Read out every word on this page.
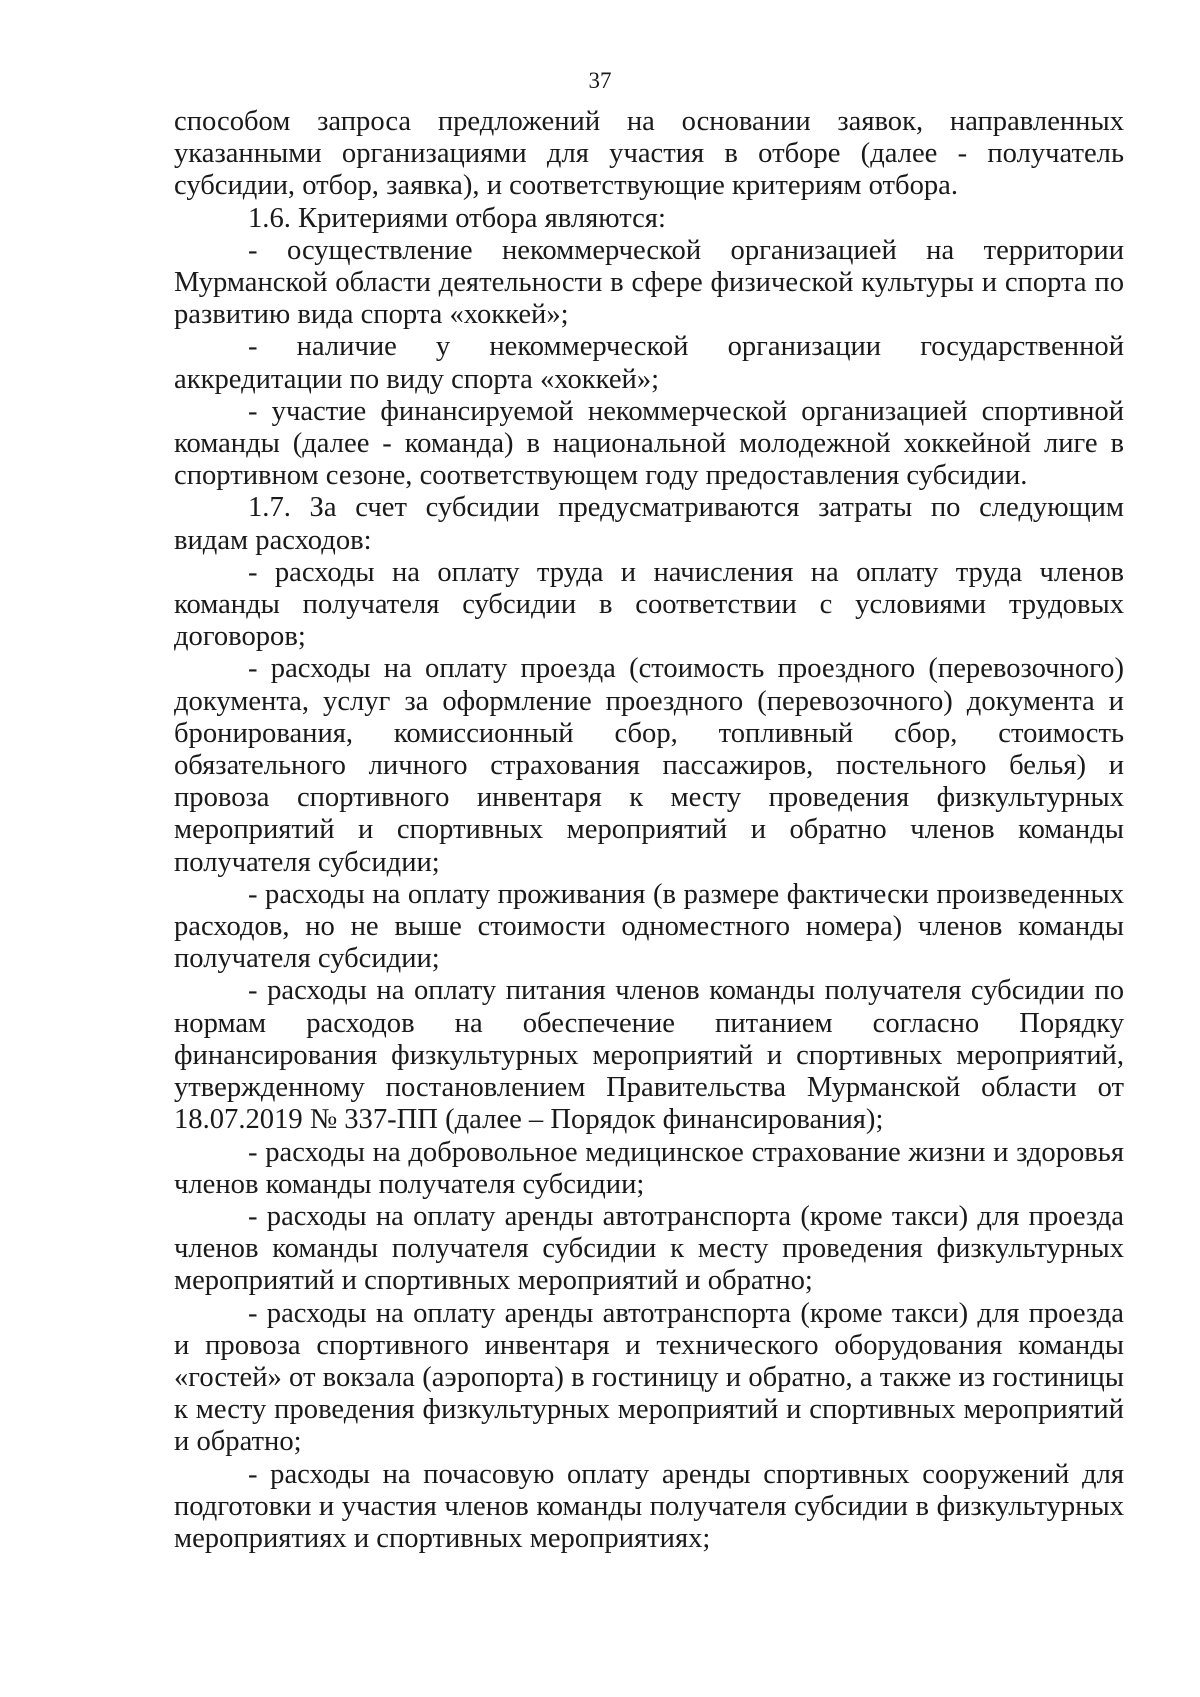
37

способом запроса предложений на основании заявок, направленных указанными организациями для участия в отборе (далее - получатель субсидии, отбор, заявка), и соответствующие критериям отбора.

1.6. Критериями отбора являются:

- осуществление некоммерческой организацией на территории Мурманской области деятельности в сфере физической культуры и спорта по развитию вида спорта «хоккей»;

- наличие у некоммерческой организации государственной аккредитации по виду спорта «хоккей»;

- участие финансируемой некоммерческой организацией спортивной команды (далее - команда) в национальной молодежной хоккейной лиге в спортивном сезоне, соответствующем году предоставления субсидии.

1.7. За счет субсидии предусматриваются затраты по следующим видам расходов:

- расходы на оплату труда и начисления на оплату труда членов команды получателя субсидии в соответствии с условиями трудовых договоров;

- расходы на оплату проезда (стоимость проездного (перевозочного) документа, услуг за оформление проездного (перевозочного) документа и бронирования, комиссионный сбор, топливный сбор, стоимость обязательного личного страхования пассажиров, постельного белья) и провоза спортивного инвентаря к месту проведения физкультурных мероприятий и спортивных мероприятий и обратно членов команды получателя субсидии;

- расходы на оплату проживания (в размере фактически произведенных расходов, но не выше стоимости одноместного номера) членов команды получателя субсидии;

- расходы на оплату питания членов команды получателя субсидии по нормам расходов на обеспечение питанием согласно Порядку финансирования физкультурных мероприятий и спортивных мероприятий, утвержденному постановлением Правительства Мурманской области от 18.07.2019 № 337-ПП (далее – Порядок финансирования);

- расходы на добровольное медицинское страхование жизни и здоровья членов команды получателя субсидии;

- расходы на оплату аренды автотранспорта (кроме такси) для проезда членов команды получателя субсидии к месту проведения физкультурных мероприятий и спортивных мероприятий и обратно;

- расходы на оплату аренды автотранспорта (кроме такси) для проезда и провоза спортивного инвентаря и технического оборудования команды «гостей» от вокзала (аэропорта) в гостиницу и обратно, а также из гостиницы к месту проведения физкультурных мероприятий и спортивных мероприятий и обратно;

- расходы на почасовую оплату аренды спортивных сооружений для подготовки и участия членов команды получателя субсидии в физкультурных мероприятиях и спортивных мероприятиях;
